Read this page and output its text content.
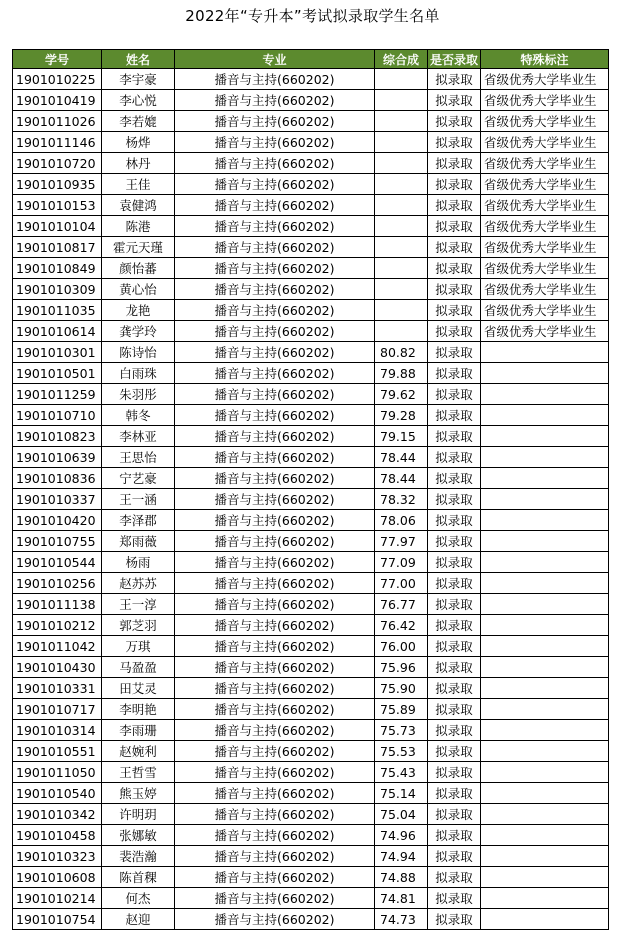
2022年“专升本”考试拟录取学生名单
学号	姓名	专业	综合成	是否录取	特殊标注
1901010225	李宇豪	播音与主持(660202)		拟录取	省级优秀大学毕业生
1901010419	李心悦	播音与主持(660202)		拟录取	省级优秀大学毕业生
1901011026	李若媲	播音与主持(660202)		拟录取	省级优秀大学毕业生
1901011146	杨烨	播音与主持(660202)		拟录取	省级优秀大学毕业生
1901010720	林丹	播音与主持(660202)		拟录取	省级优秀大学毕业生
1901010935	王佳	播音与主持(660202)		拟录取	省级优秀大学毕业生
1901010153	袁健鸿	播音与主持(660202)		拟录取	省级优秀大学毕业生
1901010104	陈港	播音与主持(660202)		拟录取	省级优秀大学毕业生
1901010817	霍元天瑾	播音与主持(660202)		拟录取	省级优秀大学毕业生
1901010849	颜怡蕃	播音与主持(660202)		拟录取	省级优秀大学毕业生
1901010309	黄心怡	播音与主持(660202)		拟录取	省级优秀大学毕业生
1901011035	龙艳	播音与主持(660202)		拟录取	省级优秀大学毕业生
1901010614	龚学玲	播音与主持(660202)		拟录取	省级优秀大学毕业生
1901010301	陈诗怡	播音与主持(660202)	80.82	拟录取	
1901010501	白雨珠	播音与主持(660202)	79.88	拟录取	
1901011259	朱羽彤	播音与主持(660202)	79.62	拟录取	
1901010710	韩冬	播音与主持(660202)	79.28	拟录取	
1901010823	李林亚	播音与主持(660202)	79.15	拟录取	
1901010639	王思怡	播音与主持(660202)	78.44	拟录取	
1901010836	宁艺豪	播音与主持(660202)	78.44	拟录取	
1901010337	王一涵	播音与主持(660202)	78.32	拟录取	
1901010420	李泽郡	播音与主持(660202)	78.06	拟录取	
1901010755	郑雨薇	播音与主持(660202)	77.97	拟录取	
1901010544	杨雨	播音与主持(660202)	77.09	拟录取	
1901010256	赵苏苏	播音与主持(660202)	77.00	拟录取	
1901011138	王一淳	播音与主持(660202)	76.77	拟录取	
1901010212	郭芝羽	播音与主持(660202)	76.42	拟录取	
1901011042	万琪	播音与主持(660202)	76.00	拟录取	
1901010430	马盈盈	播音与主持(660202)	75.96	拟录取	
1901010331	田艾灵	播音与主持(660202)	75.90	拟录取	
1901010717	李明艳	播音与主持(660202)	75.89	拟录取	
1901010314	李雨珊	播音与主持(660202)	75.73	拟录取	
1901010551	赵婉利	播音与主持(660202)	75.53	拟录取	
1901011050	王哲雪	播音与主持(660202)	75.43	拟录取	
1901010540	熊玉婷	播音与主持(660202)	75.14	拟录取	
1901010342	许明玥	播音与主持(660202)	75.04	拟录取	
1901010458	张娜敏	播音与主持(660202)	74.96	拟录取	
1901010323	裴浩瀚	播音与主持(660202)	74.94	拟录取	
1901010608	陈首稞	播音与主持(660202)	74.88	拟录取	
1901010214	何杰	播音与主持(660202)	74.81	拟录取	
1901010754	赵迎	播音与主持(660202)	74.73	拟录取	
